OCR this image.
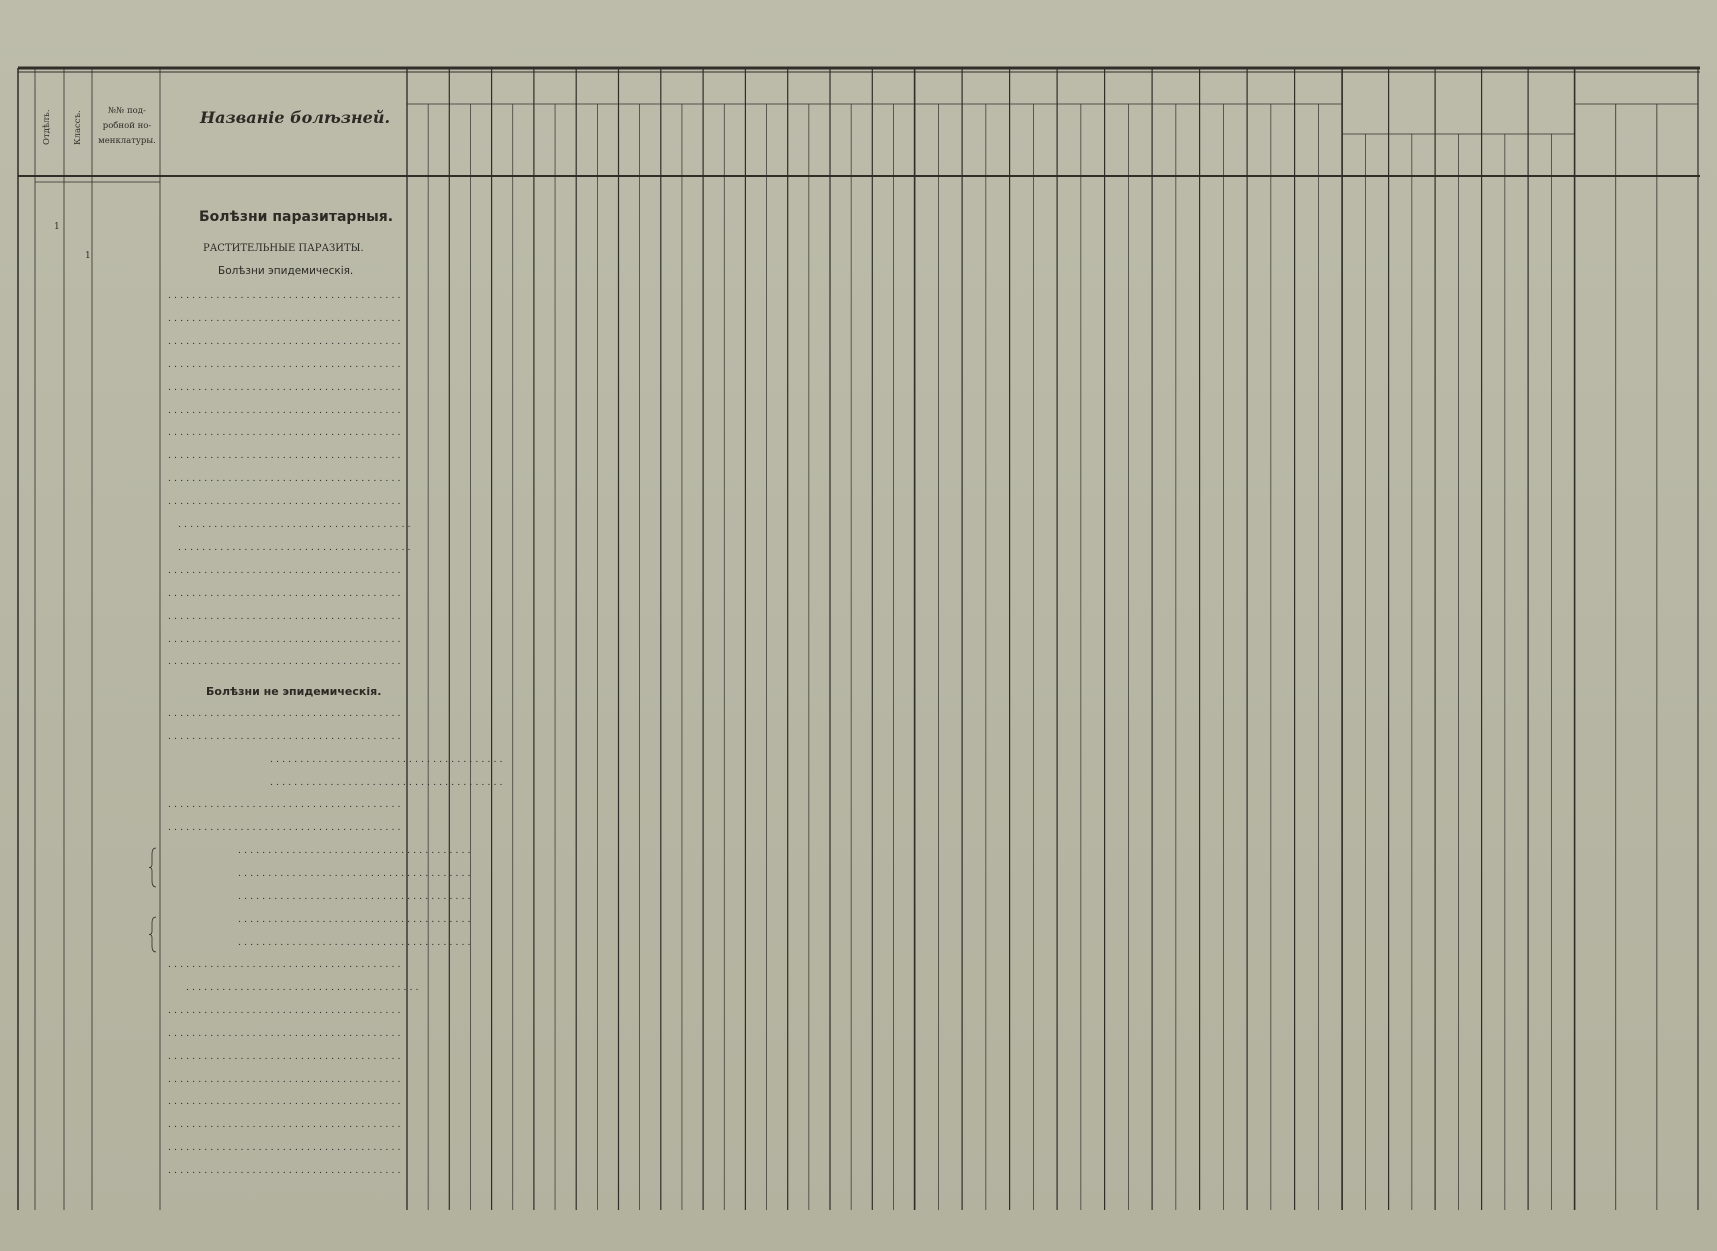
Отдѣлъ.	Классъ.	№№ под-робной но-менклатуры.
Названіе болѣзней.
. . . . . . . . . . . . . . . . . . . . . . . . . . . . . . . . . . . . . . .
. . . . . . . . . . . . . . . . . . . . . . . . . . . . . . . . . . . . . . .
. . . . . . . . . . . . . . . . . . . . . . . . . . . . . . . . . . . . . . .
. . . . . . . . . . . . . . . . . . . . . . . . . . . . . . . . . . . . . . .
. . . . . . . . . . . . . . . . . . . . . . . . . . . . . . . . . . . . . . .
. . . . . . . . . . . . . . . . . . . . . . . . . . . . . . . . . . . . . . .
. . . . . . . . . . . . . . . . . . . . . . . . . . . . . . . . . . . . . . .
. . . . . . . . . . . . . . . . . . . . . . . . . . . . . . . . . . . . . . .
. . . . . . . . . . . . . . . . . . . . . . . . . . . . . . . . . . . . . . .
. . . . . . . . . . . . . . . . . . . . . . . . . . . . . . . . . . . . . . .
. . . . . . . . . . . . . . . . . . . . . . . . . . . . . . . . . . . . . . .
. . . . . . . . . . . . . . . . . . . . . . . . . . . . . . . . . . . . . . .
. . . . . . . . . . . . . . . . . . . . . . . . . . . . . . . . . . . . . . .
. . . . . . . . . . . . . . . . . . . . . . . . . . . . . . . . . . . . . . .
. . . . . . . . . . . . . . . . . . . . . . . . . . . . . . . . . . . . . . .
. . . . . . . . . . . . . . . . . . . . . . . . . . . . . . . . . . . . . . .
. . . . . . . . . . . . . . . . . . . . . . . . . . . . . . . . . . . . . . .
. . . . . . . . . . . . . . . . . . . . . . . . . . . . . . . . . . . . . . .
. . . . . . . . . . . . . . . . . . . . . . . . . . . . . . . . . . . . . . .
. . . . . . . . . . . . . . . . . . . . . . . . . . . . . . . . . . . . . . .
. . . . . . . . . . . . . . . . . . . . . . . . . . . . . . . . . . . . . . .
. . . . . . . . . . . . . . . . . . . . . . . . . . . . . . . . . . . . . . .
. . . . . . . . . . . . . . . . . . . . . . . . . . . . . . . . . . . . . . .
. . . . . . . . . . . . . . . . . . . . . . . . . . . . . . . . . . . . . . .
. . . . . . . . . . . . . . . . . . . . . . . . . . . . . . . . . . . . . . .
. . . . . . . . . . . . . . . . . . . . . . . . . . . . . . . . . . . . . . .
. . . . . . . . . . . . . . . . . . . . . . . . . . . . . . . . . . . . . . .
. . . . . . . . . . . . . . . . . . . . . . . . . . . . . . . . . . . . . . .
. . . . . . . . . . . . . . . . . . . . . . . . . . . . . . . . . . . . . . .
. . . . . . . . . . . . . . . . . . . . . . . . . . . . . . . . . . . . . . .
. . . . . . . . . . . . . . . . . . . . . . . . . . . . . . . . . . . . . . .
. . . . . . . . . . . . . . . . . . . . . . . . . . . . . . . . . . . . . . .
. . . . . . . . . . . . . . . . . . . . . . . . . . . . . . . . . . . . . . .
. . . . . . . . . . . . . . . . . . . . . . . . . . . . . . . . . . . . . . .
. . . . . . . . . . . . . . . . . . . . . . . . . . . . . . . . . . . . . . .
. . . . . . . . . . . . . . . . . . . . . . . . . . . . . . . . . . . . . . .
. . . . . . . . . . . . . . . . . . . . . . . . . . . . . . . . . . . . . . .
. . . . . . . . . . . . . . . . . . . . . . . . . . . . . . . . . . . . . . .
1
1
Болѣзни паразитарныя.
РАСТИТЕЛЬНЫЕ ПАРАЗИТЫ.
Болѣзни эпидемическія.
Болѣзни не эпидемическія.
